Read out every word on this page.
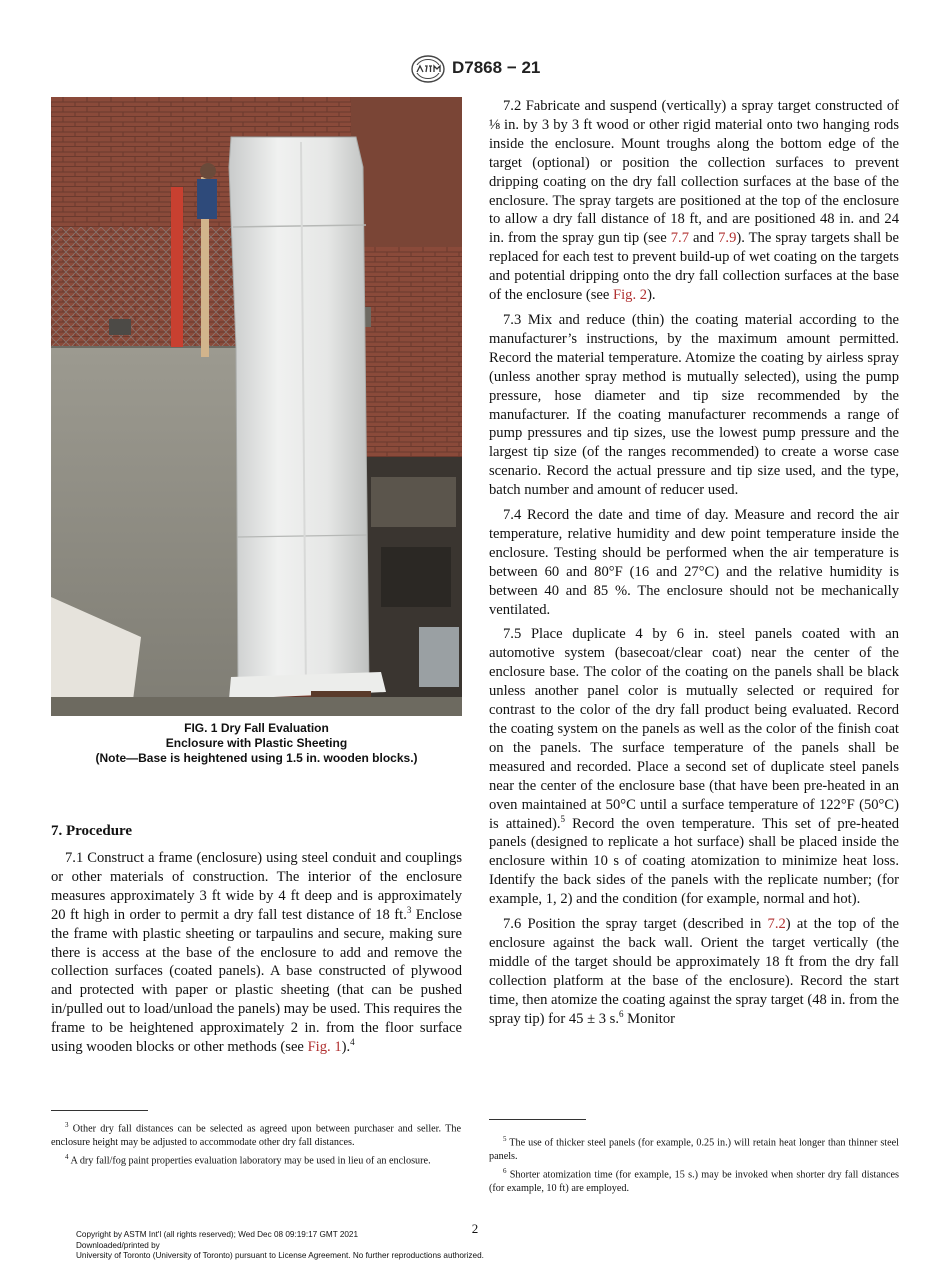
D7868 − 21
FIG. 1 Dry Fall Evaluation
Enclosure with Plastic Sheeting
(Note—Base is heightened using 1.5 in. wooden blocks.)
7. Procedure

7.1 Construct a frame (enclosure) using steel conduit and couplings or other materials of construction. The interior of the enclosure measures approximately 3 ft wide by 4 ft deep and is approximately 20 ft high in order to permit a dry fall test distance of 18 ft.$^3$ Enclose the frame with plastic sheeting or tarpaulins and secure, making sure there is access at the base of the enclosure to add and remove the collection surfaces (coated panels). A base constructed of plywood and protected with paper or plastic sheeting (that can be pushed in/pulled out to load/unload the panels) may be used. This requires the frame to be heightened approximately 2 in. from the floor surface using wooden blocks or other methods (see Fig. 1).$^4$

7.2 Fabricate and suspend (vertically) a spray target constructed of ⅛ in. by 3 by 3 ft wood or other rigid material onto two hanging rods inside the enclosure. Mount troughs along the bottom edge of the target (optional) or position the collection surfaces to prevent dripping coating on the dry fall collection surfaces at the base of the enclosure. The spray targets are positioned at the top of the enclosure to allow a dry fall distance of 18 ft, and are positioned 48 in. and 24 in. from the spray gun tip (see 7.7 and 7.9). The spray targets shall be replaced for each test to prevent build-up of wet coating on the targets and potential dripping onto the dry fall collection surfaces at the base of the enclosure (see Fig. 2).

7.3 Mix and reduce (thin) the coating material according to the manufacturer’s instructions, by the maximum amount permitted. Record the material temperature. Atomize the coating by airless spray (unless another spray method is mutually selected), using the pump pressure, hose diameter and tip size recommended by the manufacturer. If the coating manufacturer recommends a range of pump pressures and tip sizes, use the lowest pump pressure and the largest tip size (of the ranges recommended) to create a worse case scenario. Record the actual pressure and tip size used, and the type, batch number and amount of reducer used.

7.4 Record the date and time of day. Measure and record the air temperature, relative humidity and dew point temperature inside the enclosure. Testing should be performed when the air temperature is between 60 and 80°F (16 and 27°C) and the relative humidity is between 40 and 85 %. The enclosure should not be mechanically ventilated.

7.5 Place duplicate 4 by 6 in. steel panels coated with an automotive system (basecoat/clear coat) near the center of the enclosure base. The color of the coating on the panels shall be black unless another panel color is mutually selected or required for contrast to the color of the dry fall product being evaluated. Record the coating system on the panels as well as the color of the finish coat on the panels. The surface temperature of the panels shall be measured and recorded. Place a second set of duplicate steel panels near the center of the enclosure base (that have been pre-heated in an oven maintained at 50°C until a surface temperature of 122°F (50°C) is attained).$^5$ Record the oven temperature. This set of pre-heated panels (designed to replicate a hot surface) shall be placed inside the enclosure within 10 s of coating atomization to minimize heat loss. Identify the back sides of the panels with the replicate number; (for example, 1, 2) and the condition (for example, normal and hot).

7.6 Position the spray target (described in 7.2) at the top of the enclosure against the back wall. Orient the target vertically (the middle of the target should be approximately 18 ft from the dry fall collection platform at the base of the enclosure). Record the start time, then atomize the coating against the spray target (48 in. from the spray tip) for 45 ± 3 s.$^6$ Monitor

$^3$ Other dry fall distances can be selected as agreed upon between purchaser and seller. The enclosure height may be adjusted to accommodate other dry fall distances.

$^4$ A dry fall/fog paint properties evaluation laboratory may be used in lieu of an enclosure.

$^5$ The use of thicker steel panels (for example, 0.25 in.) will retain heat longer than thinner steel panels.

$^6$ Shorter atomization time (for example, 15 s.) may be invoked when shorter dry fall distances (for example, 10 ft) are employed.

2
Copyright by ASTM Int'l (all rights reserved); Wed Dec 08 09:19:17 GMT 2021
Downloaded/printed by
University of Toronto (University of Toronto) pursuant to License Agreement. No further reproductions authorized.
